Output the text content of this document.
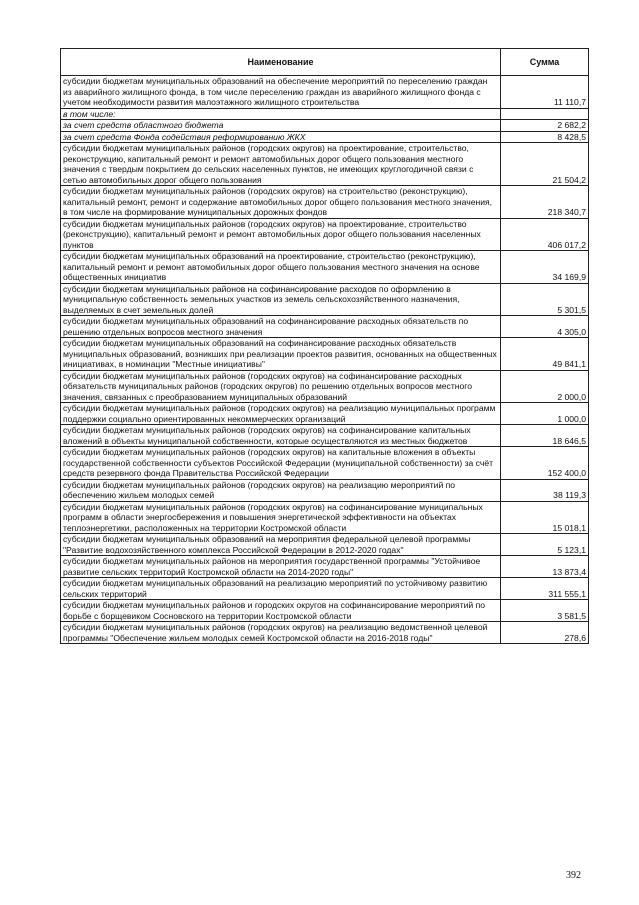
Наименование	Сумма
субсидии бюджетам муниципальных образований на обеспечение мероприятий по переселению граждан из аварийного жилищного фонда, в том числе переселению граждан из аварийного жилищного фонда с учетом необходимости развития малоэтажного жилищного строительства	11 110,7
в том числе:	
за счет средств областного бюджета	2 682,2
за счет средств Фонда содействия реформированию ЖКХ	8 428,5
субсидии бюджетам муниципальных районов (городских округов) на проектирование, строительство, реконструкцию, капитальный ремонт и ремонт автомобильных дорог общего пользования местного значения с твердым покрытием до сельских населенных пунктов, не имеющих круглогодичной связи с сетью автомобильных дорог общего пользования	21 504,2
субсидии бюджетам муниципальных районов (городских округов) на строительство (реконструкцию), капитальный ремонт, ремонт и содержание автомобильных дорог общего пользования местного значения, в том числе на формирование муниципальных дорожных фондов	218 340,7
субсидии бюджетам муниципальных районов (городских округов) на проектирование, строительство (реконструкцию), капитальный ремонт и ремонт автомобильных дорог общего пользования населенных пунктов	406 017,2
субсидии бюджетам муниципальных образований на проектирование, строительство (реконструкцию), капитальный ремонт и ремонт автомобильных дорог общего пользования местного значения на основе общественных инициатив	34 169,9
субсидии бюджетам муниципальных районов на софинансирование расходов по оформлению в муниципальную собственность земельных участков из земель сельскохозяйственного назначения, выделяемых в счет земельных долей	5 301,5
субсидии бюджетам муниципальных образований на софинансирование расходных обязательств по решению отдельных вопросов местного значения	4 305,0
субсидии бюджетам муниципальных образований на софинансирование расходных обязательств муниципальных образований, возникших при реализации проектов развития, основанных на общественных инициативах, в номинации "Местные инициативы"	49 841,1
субсидии бюджетам муниципальных районов (городских округов) на софинансирование расходных обязательств муниципальных районов (городских округов) по решению отдельных вопросов местного значения, связанных с преобразованием муниципальных образований	2 000,0
субсидии бюджетам муниципальных районов (городских округов) на реализацию муниципальных программ поддержки социально ориентированных некоммерческих организаций	1 000,0
субсидии бюджетам муниципальных районов (городских округов) на софинансирование капитальных вложений в объекты муниципальной собственности, которые осуществляются из местных бюджетов	18 646,5
субсидии бюджетам муниципальных районов (городских округов) на капитальные вложения в объекты государственной собственности субъектов Российской Федерации (муниципальной собственности) за счёт средств резервного фонда Правительства Российской Федерации	152 400,0
субсидии бюджетам муниципальных районов (городских округов) на реализацию мероприятий по обеспечению жильем молодых семей	38 119,3
субсидии бюджетам муниципальных районов (городских округов) на софинансирование муниципальных программ в области энергосбережения и повышения энергетической эффективности на объектах теплоэнергетики, расположенных на территории Костромской области	15 018,1
субсидии бюджетам муниципальных образований на мероприятия федеральной целевой программы "Развитие водохозяйственного комплекса Российской Федерации в 2012-2020 годах"	5 123,1
субсидии бюджетам муниципальных районов на мероприятия государственной программы "Устойчивое развитие сельских территорий Костромской области на 2014-2020 годы"	13 873,4
субсидии бюджетам муниципальных образований на реализацию мероприятий по устойчивому развитию сельских территорий	311 555,1
субсидии бюджетам муниципальных районов и городских округов на софинансирование мероприятий по борьбе с борщевиком Сосновского на территории Костромской области	3 581,5
субсидии бюджетам муниципальных районов (городских округов) на реализацию ведомственной целевой программы "Обеспечение жильем молодых семей Костромской области на 2016-2018 годы"	278,6
392
